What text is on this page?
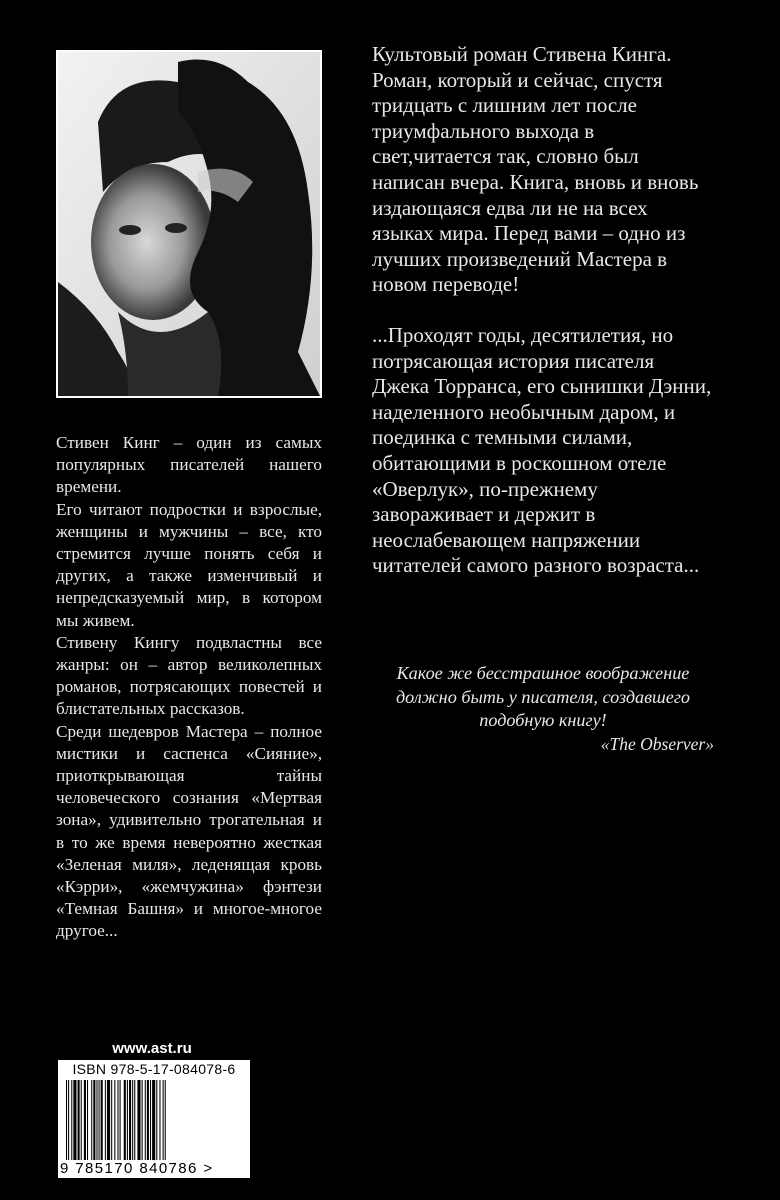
Стивен Кинг – один из самых популярных писателей нашего времени.

Его читают подростки и взрослые, женщины и мужчины – все, кто стремится лучше понять себя и других, а также изменчивый и непредсказуемый мир, в котором мы живем.

Стивену Кингу подвластны все жанры: он – автор великолепных романов, потрясающих повестей и блистательных рассказов.

Среди шедевров Мастера – полное мистики и саспенса «Сияние», приоткрывающая тайны человеческого сознания «Мертвая зона», удивительно трогательная и в то же время невероятно жесткая «Зеленая миля», леденящая кровь «Кэрри», «жемчужина» фэнтези «Темная Башня» и многое-многое другое...

Культовый роман Стивена Кинга. Роман, который и сейчас, спустя тридцать с лишним лет после триумфального выхода в свет,читается так, словно был написан вчера. Книга, вновь и вновь издающаяся едва ли не на всех языках мира. Перед вами – одно из лучших произведений Мастера в новом переводе!

...Проходят годы, десятилетия, но потрясающая история писателя Джека Торранса, его сынишки Дэнни, наделенного необычным даром, и поединка с темными силами, обитающими в роскошном отеле «Оверлук», по-прежнему завораживает и держит в неослабевающем напряжении читателей самого разного возраста...

Какое же бесстрашное воображение должно быть у писателя, создавшего подобную книгу!

«The Observer»

www.ast.ru
ISBN 978-5-17-084078-6
9 785170 840786 >
